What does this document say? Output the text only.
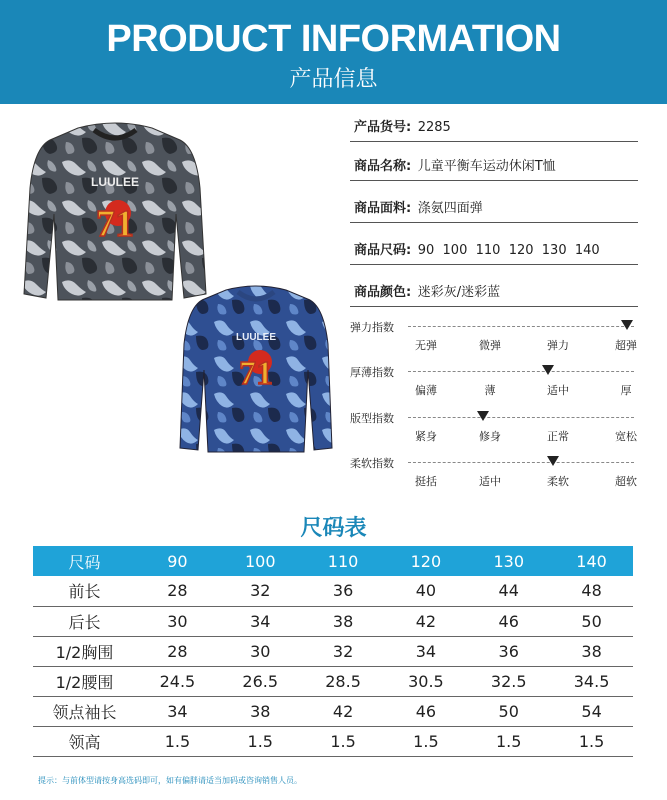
PRODUCT INFORMATION
产品信息
LUULEE
71
LUULEE
71
产品货号: 2285
商品名称: 儿童平衡车运动休闲T恤
商品面料: 涤氨四面弹
商品尺码: 90  100  110  120  130  140
商品颜色: 迷彩灰/迷彩蓝
弹力指数
无弹	微弹	弹力	超弹
厚薄指数
偏薄	薄	适中	厚
版型指数
紧身	修身	正常	宽松
柔软指数
挺括	适中	柔软	超软
尺码表
尺码	90	100	110	120	130	140
前长	28	32	36	40	44	48
后长	30	34	38	42	46	50
1/2胸围	28	30	32	34	36	38
1/2腰围	24.5	26.5	28.5	30.5	32.5	34.5
领点袖长	34	38	42	46	50	54
领高	1.5	1.5	1.5	1.5	1.5	1.5
提示：与前体型请按身高选码即可，如有偏胖请适当加码或咨询销售人员。
